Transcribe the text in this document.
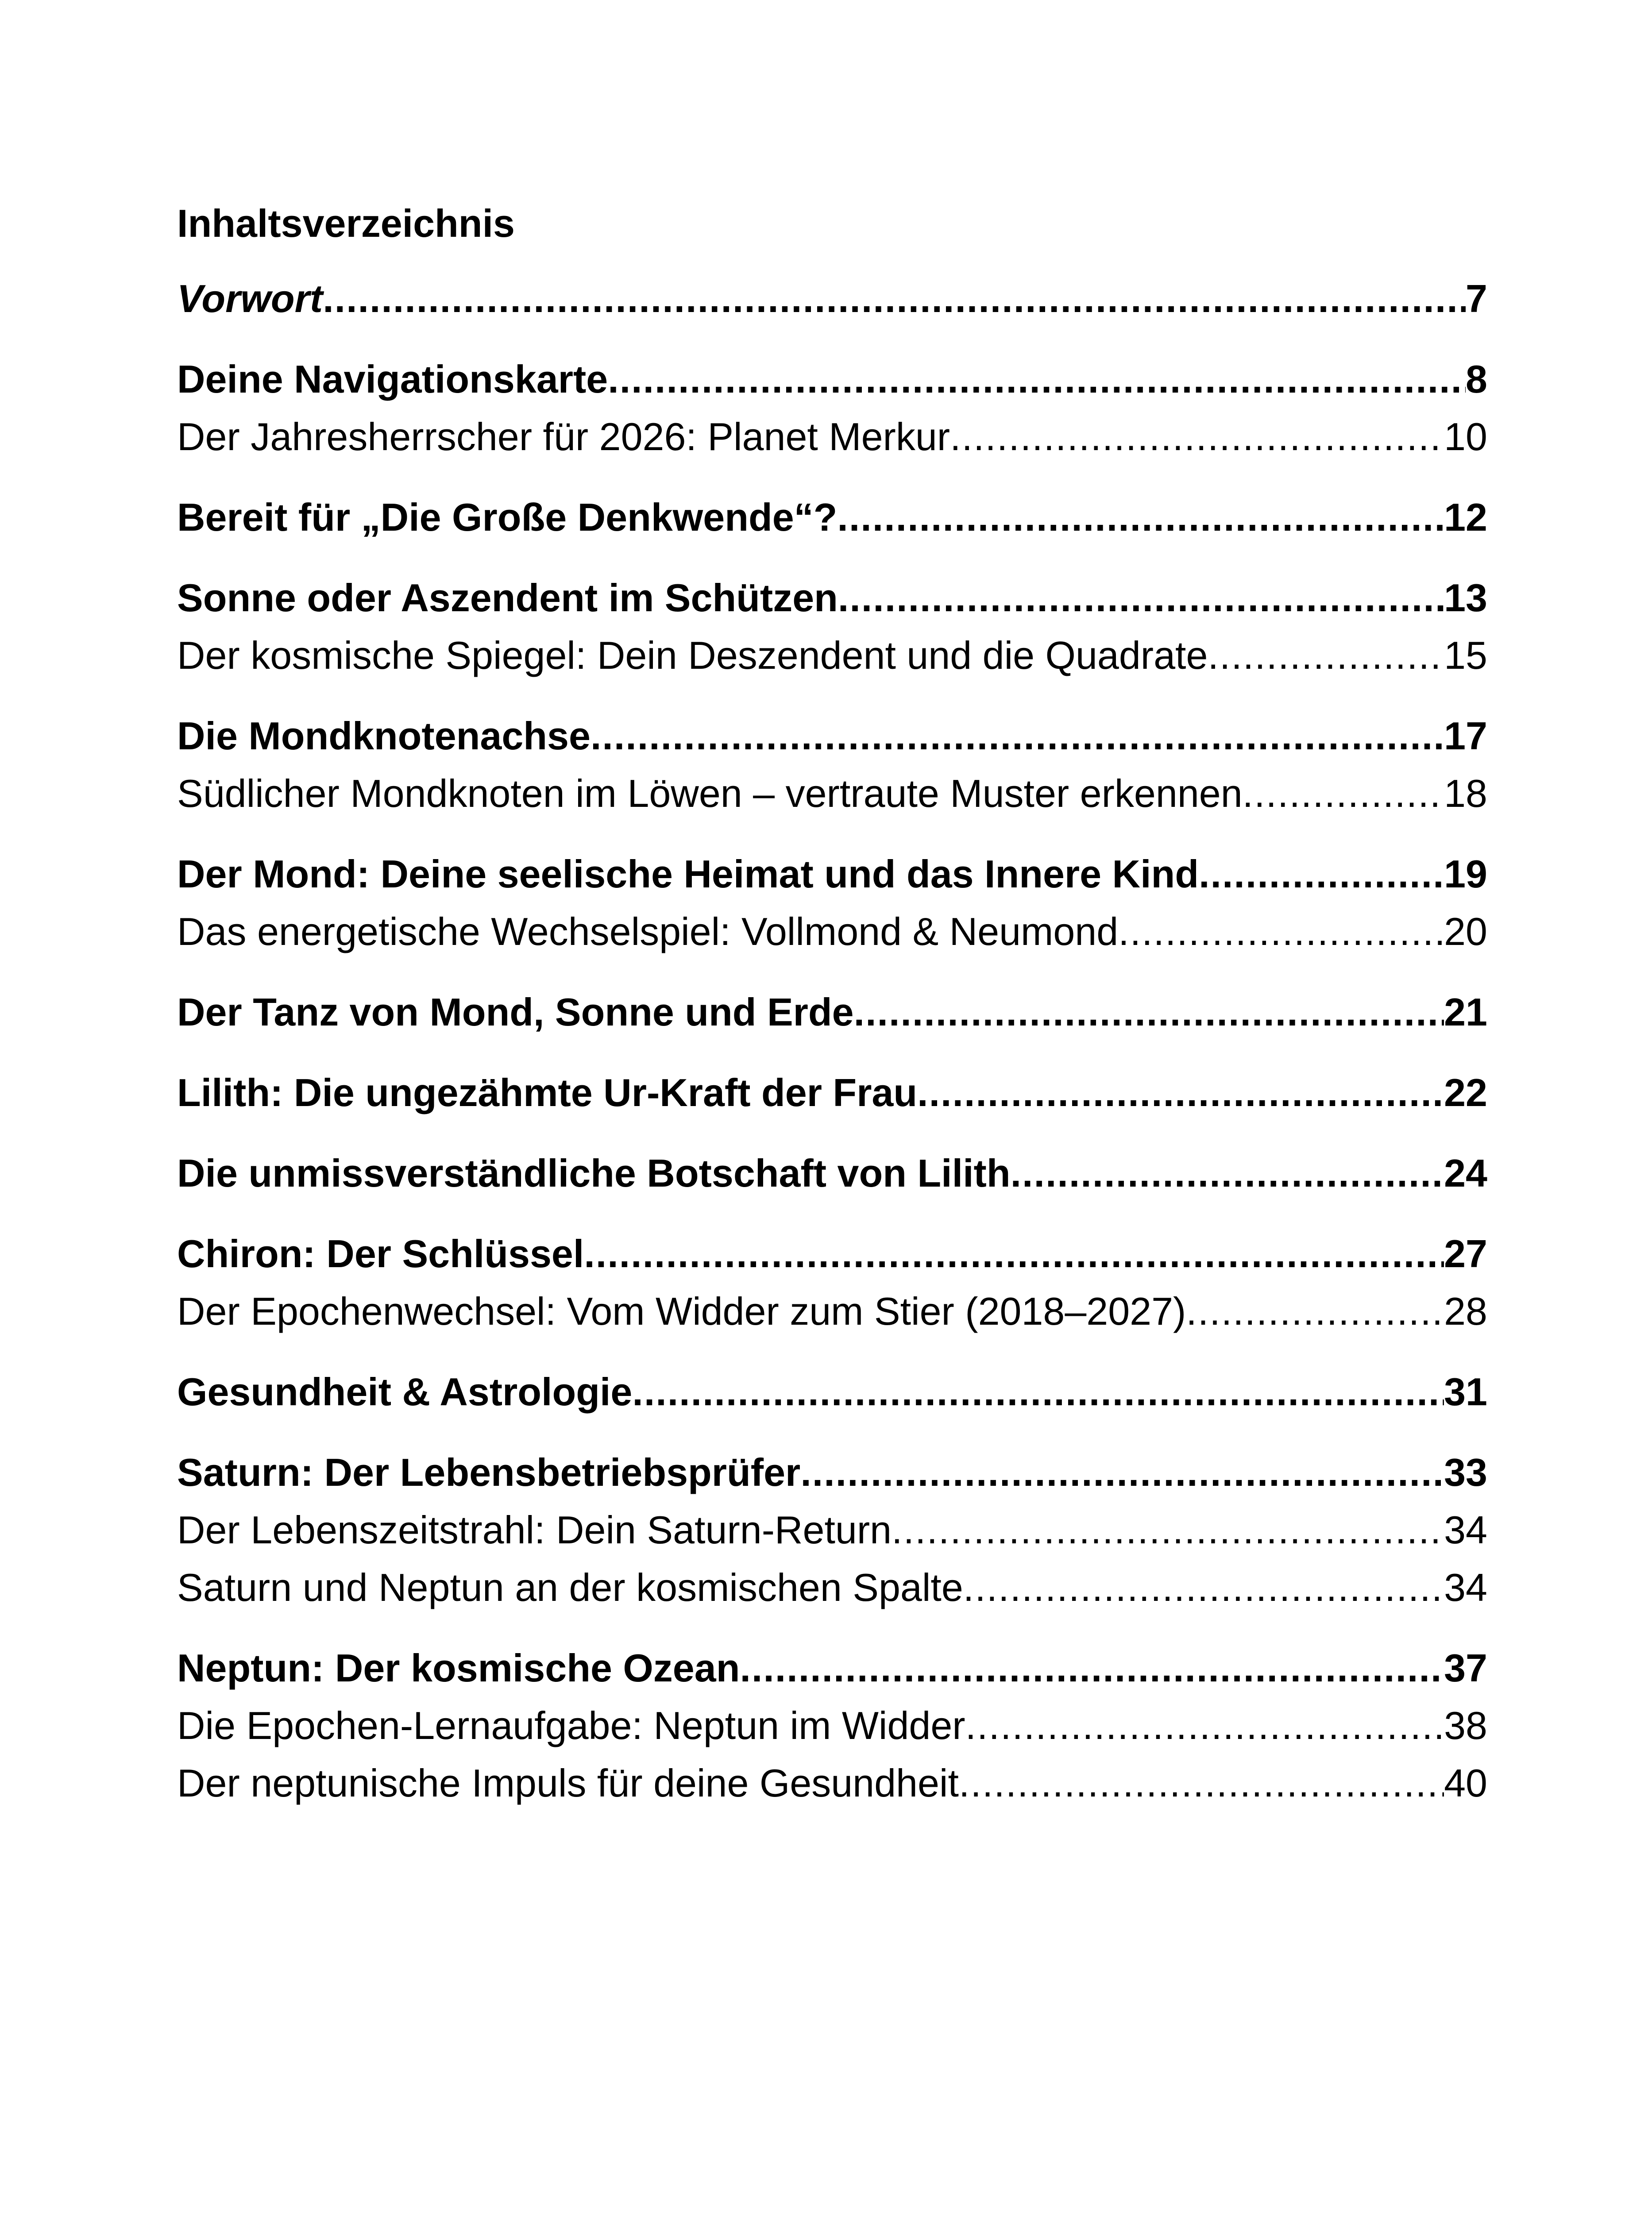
Inhaltsverzeichnis
Vorwort .....	7
Deine Navigationskarte .....	8
Der Jahresherrscher für 2026: Planet Merkur .....	10
Bereit für „Die Große Denkwende“? .....	12
Sonne oder Aszendent im Schützen .....	13
Der kosmische Spiegel: Dein Deszendent und die Quadrate .....	15
Die Mondknotenachse .....	17
Südlicher Mondknoten im Löwen – vertraute Muster erkennen .....	18
Der Mond: Deine seelische Heimat und das Innere Kind .....	19
Das energetische Wechselspiel: Vollmond & Neumond .....	20
Der Tanz von Mond, Sonne und Erde .....	21
Lilith: Die ungezähmte Ur-Kraft der Frau .....	22
Die unmissverständliche Botschaft von Lilith .....	24
Chiron: Der Schlüssel .....	27
Der Epochenwechsel: Vom Widder zum Stier (2018–2027) .....	28
Gesundheit & Astrologie .....	31
Saturn: Der Lebensbetriebsprüfer .....	33
Der Lebenszeitstrahl: Dein Saturn-Return .....	34
Saturn und Neptun an der kosmischen Spalte .....	34
Neptun: Der kosmische Ozean .....	37
Die Epochen-Lernaufgabe: Neptun im Widder .....	38
Der neptunische Impuls für deine Gesundheit .....	40
